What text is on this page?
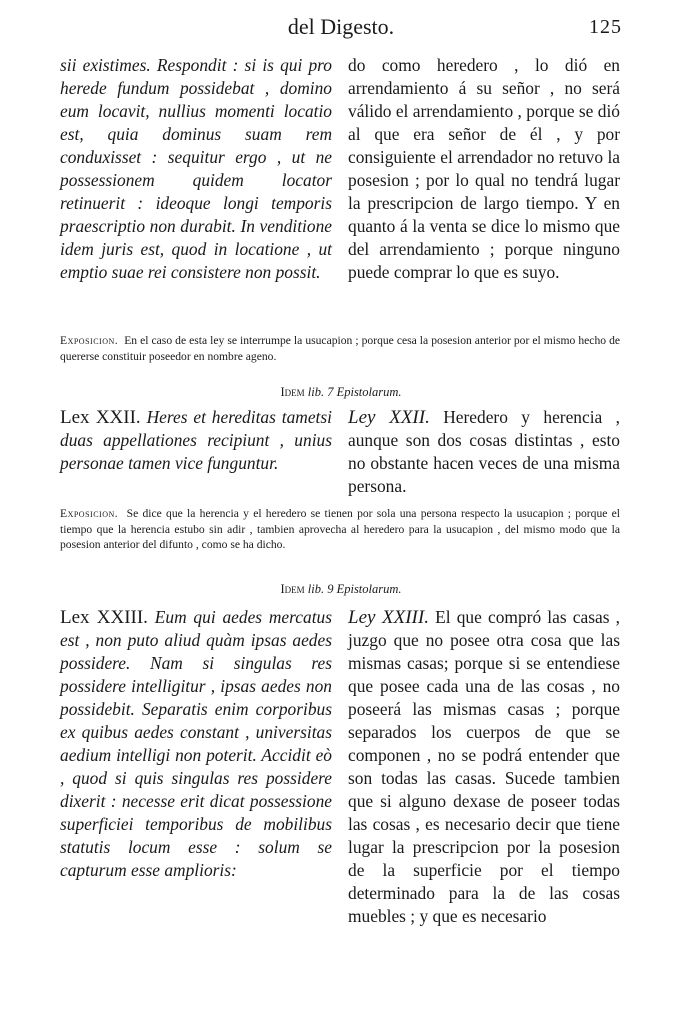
del Digesto.	125

sii existimes. Respondit : si is qui pro herede fundum possidebat , domino eum locavit, nullius momenti locatio est, quia dominus suam rem conduxisset : sequitur ergo , ut ne possessionem quidem locator retinuerit : ideoque longi temporis praescriptio non durabit. In venditione idem juris est, quod in locatione , ut emptio suae rei consistere non possit.

do como heredero , lo dió en arrendamiento á su señor , no será válido el arrendamiento , porque se dió al que era señor de él , y por consiguiente el arrendador no retuvo la posesion ; por lo qual no tendrá lugar la prescripcion de largo tiempo. Y en quanto á la venta se dice lo mismo que del arrendamiento ; porque ninguno puede comprar lo que es suyo.

Exposicion. En el caso de esta ley se interrumpe la usucapion ; porque cesa la posesion anterior por el mismo hecho de quererse constituir poseedor en nombre ageno.

Idem lib. 7 Epistolarum.

Lex XXII. Heres et hereditas tametsi duas appellationes recipiunt , unius personae tamen vice funguntur.

Ley XXII. Heredero y herencia , aunque son dos cosas distintas , esto no obstante hacen veces de una misma persona.

Exposicion. Se dice que la herencia y el heredero se tienen por sola una persona respecto la usucapion ; porque el tiempo que la herencia estubo sin adir , tambien aprovecha al heredero para la usucapion , del mismo modo que la posesion anterior del difunto , como se ha dicho.

Idem lib. 9 Epistolarum.

Lex XXIII. Eum qui aedes mercatus est , non puto aliud quàm ipsas aedes possidere. Nam si singulas res possidere intelligitur , ipsas aedes non possidebit. Separatis enim corporibus ex quibus aedes constant , universitas aedium intelligi non poterit. Accidit eò , quod si quis singulas res possidere dixerit : necesse erit dicat possessione superficiei temporibus de mobilibus statutis locum esse : solum se capturum esse amplioris:

Ley XXIII. El que compró las casas , juzgo que no posee otra cosa que las mismas casas; porque si se entendiese que posee cada una de las cosas , no poseerá las mismas casas ; porque separados los cuerpos de que se componen , no se podrá entender que son todas las casas. Sucede tambien que si alguno dexase de poseer todas las cosas , es necesario decir que tiene lugar la prescripcion por la posesion de la superficie por el tiempo determinado para la de las cosas muebles ; y que es necesario
